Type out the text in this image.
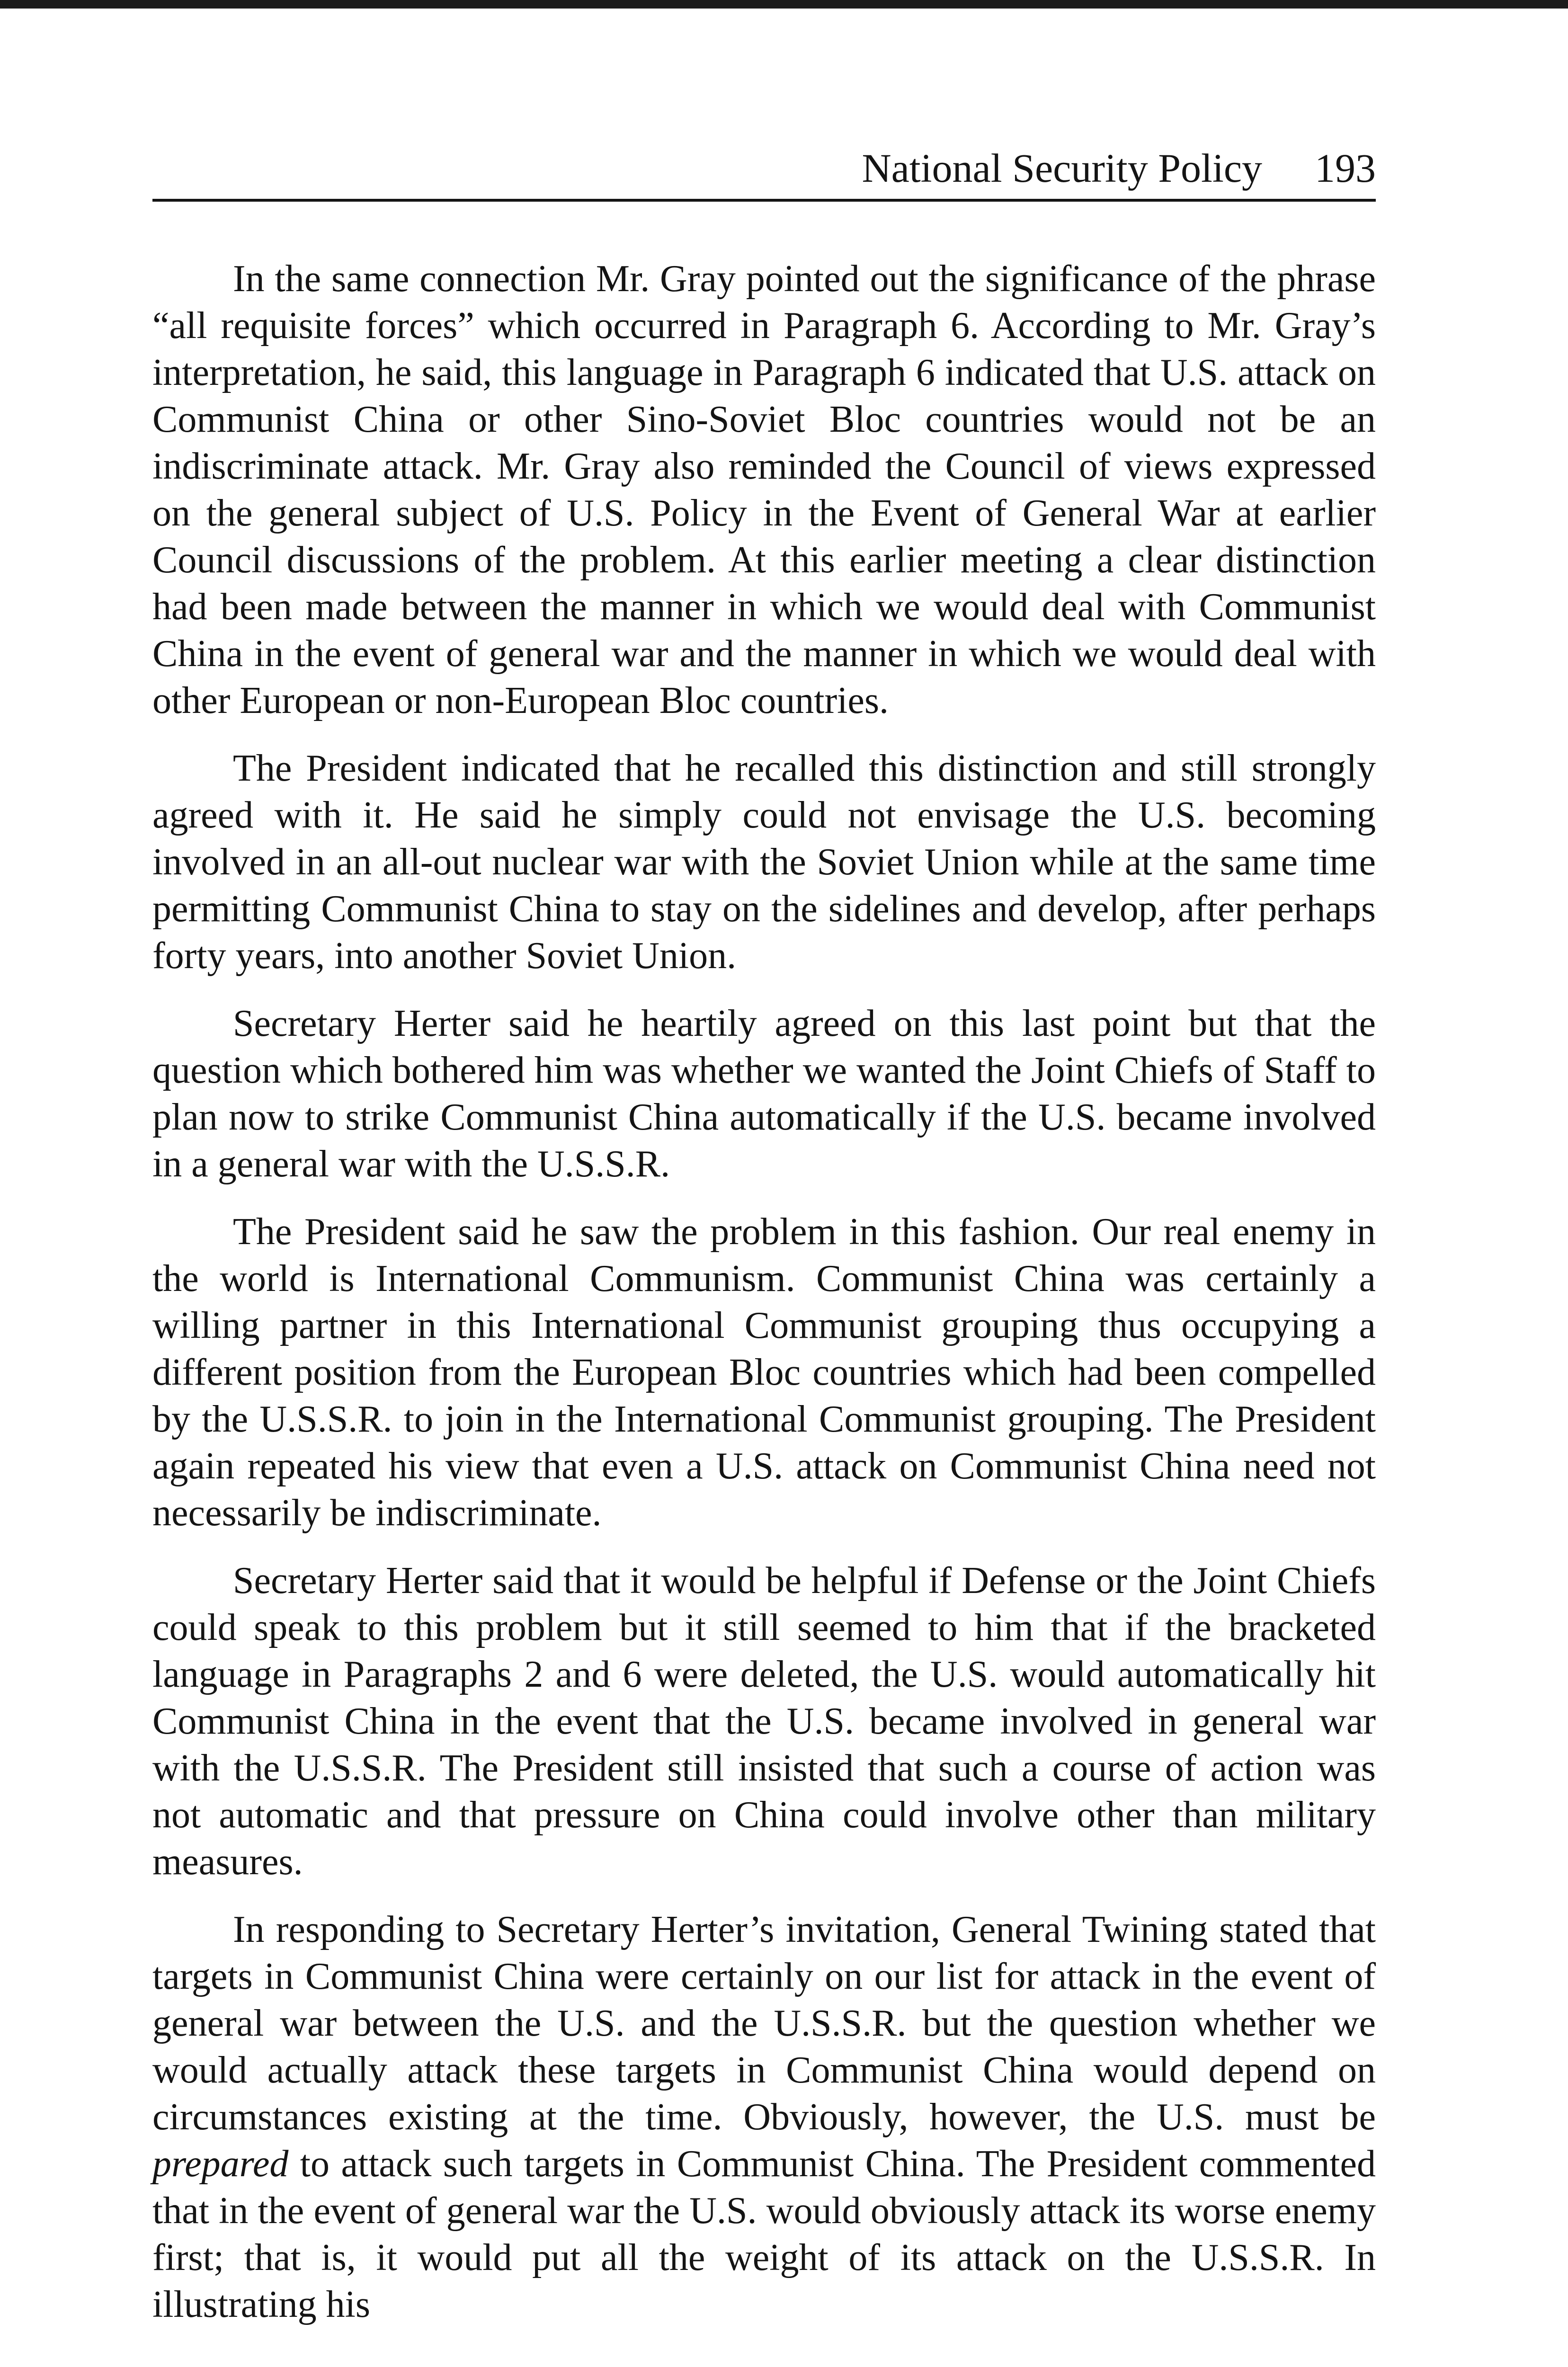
National Security Policy 193

In the same connection Mr. Gray pointed out the significance of the phrase “all requisite forces” which occurred in Paragraph 6. According to Mr. Gray’s interpretation, he said, this language in Paragraph 6 indicated that U.S. attack on Communist China or other Sino-Soviet Bloc countries would not be an indiscriminate attack. Mr. Gray also reminded the Council of views expressed on the general subject of U.S. Policy in the Event of General War at earlier Council discussions of the problem. At this earlier meeting a clear distinction had been made between the manner in which we would deal with Communist China in the event of general war and the manner in which we would deal with other European or non-European Bloc countries.

The President indicated that he recalled this distinction and still strongly agreed with it. He said he simply could not envisage the U.S. becoming involved in an all-out nuclear war with the Soviet Union while at the same time permitting Communist China to stay on the sidelines and develop, after perhaps forty years, into another Soviet Union.

Secretary Herter said he heartily agreed on this last point but that the question which bothered him was whether we wanted the Joint Chiefs of Staff to plan now to strike Communist China automatically if the U.S. became involved in a general war with the U.S.S.R.

The President said he saw the problem in this fashion. Our real enemy in the world is International Communism. Communist China was certainly a willing partner in this International Communist grouping thus occupying a different position from the European Bloc countries which had been compelled by the U.S.S.R. to join in the International Communist grouping. The President again repeated his view that even a U.S. attack on Communist China need not necessarily be indiscriminate.

Secretary Herter said that it would be helpful if Defense or the Joint Chiefs could speak to this problem but it still seemed to him that if the bracketed language in Paragraphs 2 and 6 were deleted, the U.S. would automatically hit Communist China in the event that the U.S. became involved in general war with the U.S.S.R. The President still insisted that such a course of action was not automatic and that pressure on China could involve other than military measures.

In responding to Secretary Herter’s invitation, General Twining stated that targets in Communist China were certainly on our list for attack in the event of general war between the U.S. and the U.S.S.R. but the question whether we would actually attack these targets in Communist China would depend on circumstances existing at the time. Obviously, however, the U.S. must be prepared to attack such targets in Communist China. The President commented that in the event of general war the U.S. would obviously attack its worse enemy first; that is, it would put all the weight of its attack on the U.S.S.R. In illustrating his
